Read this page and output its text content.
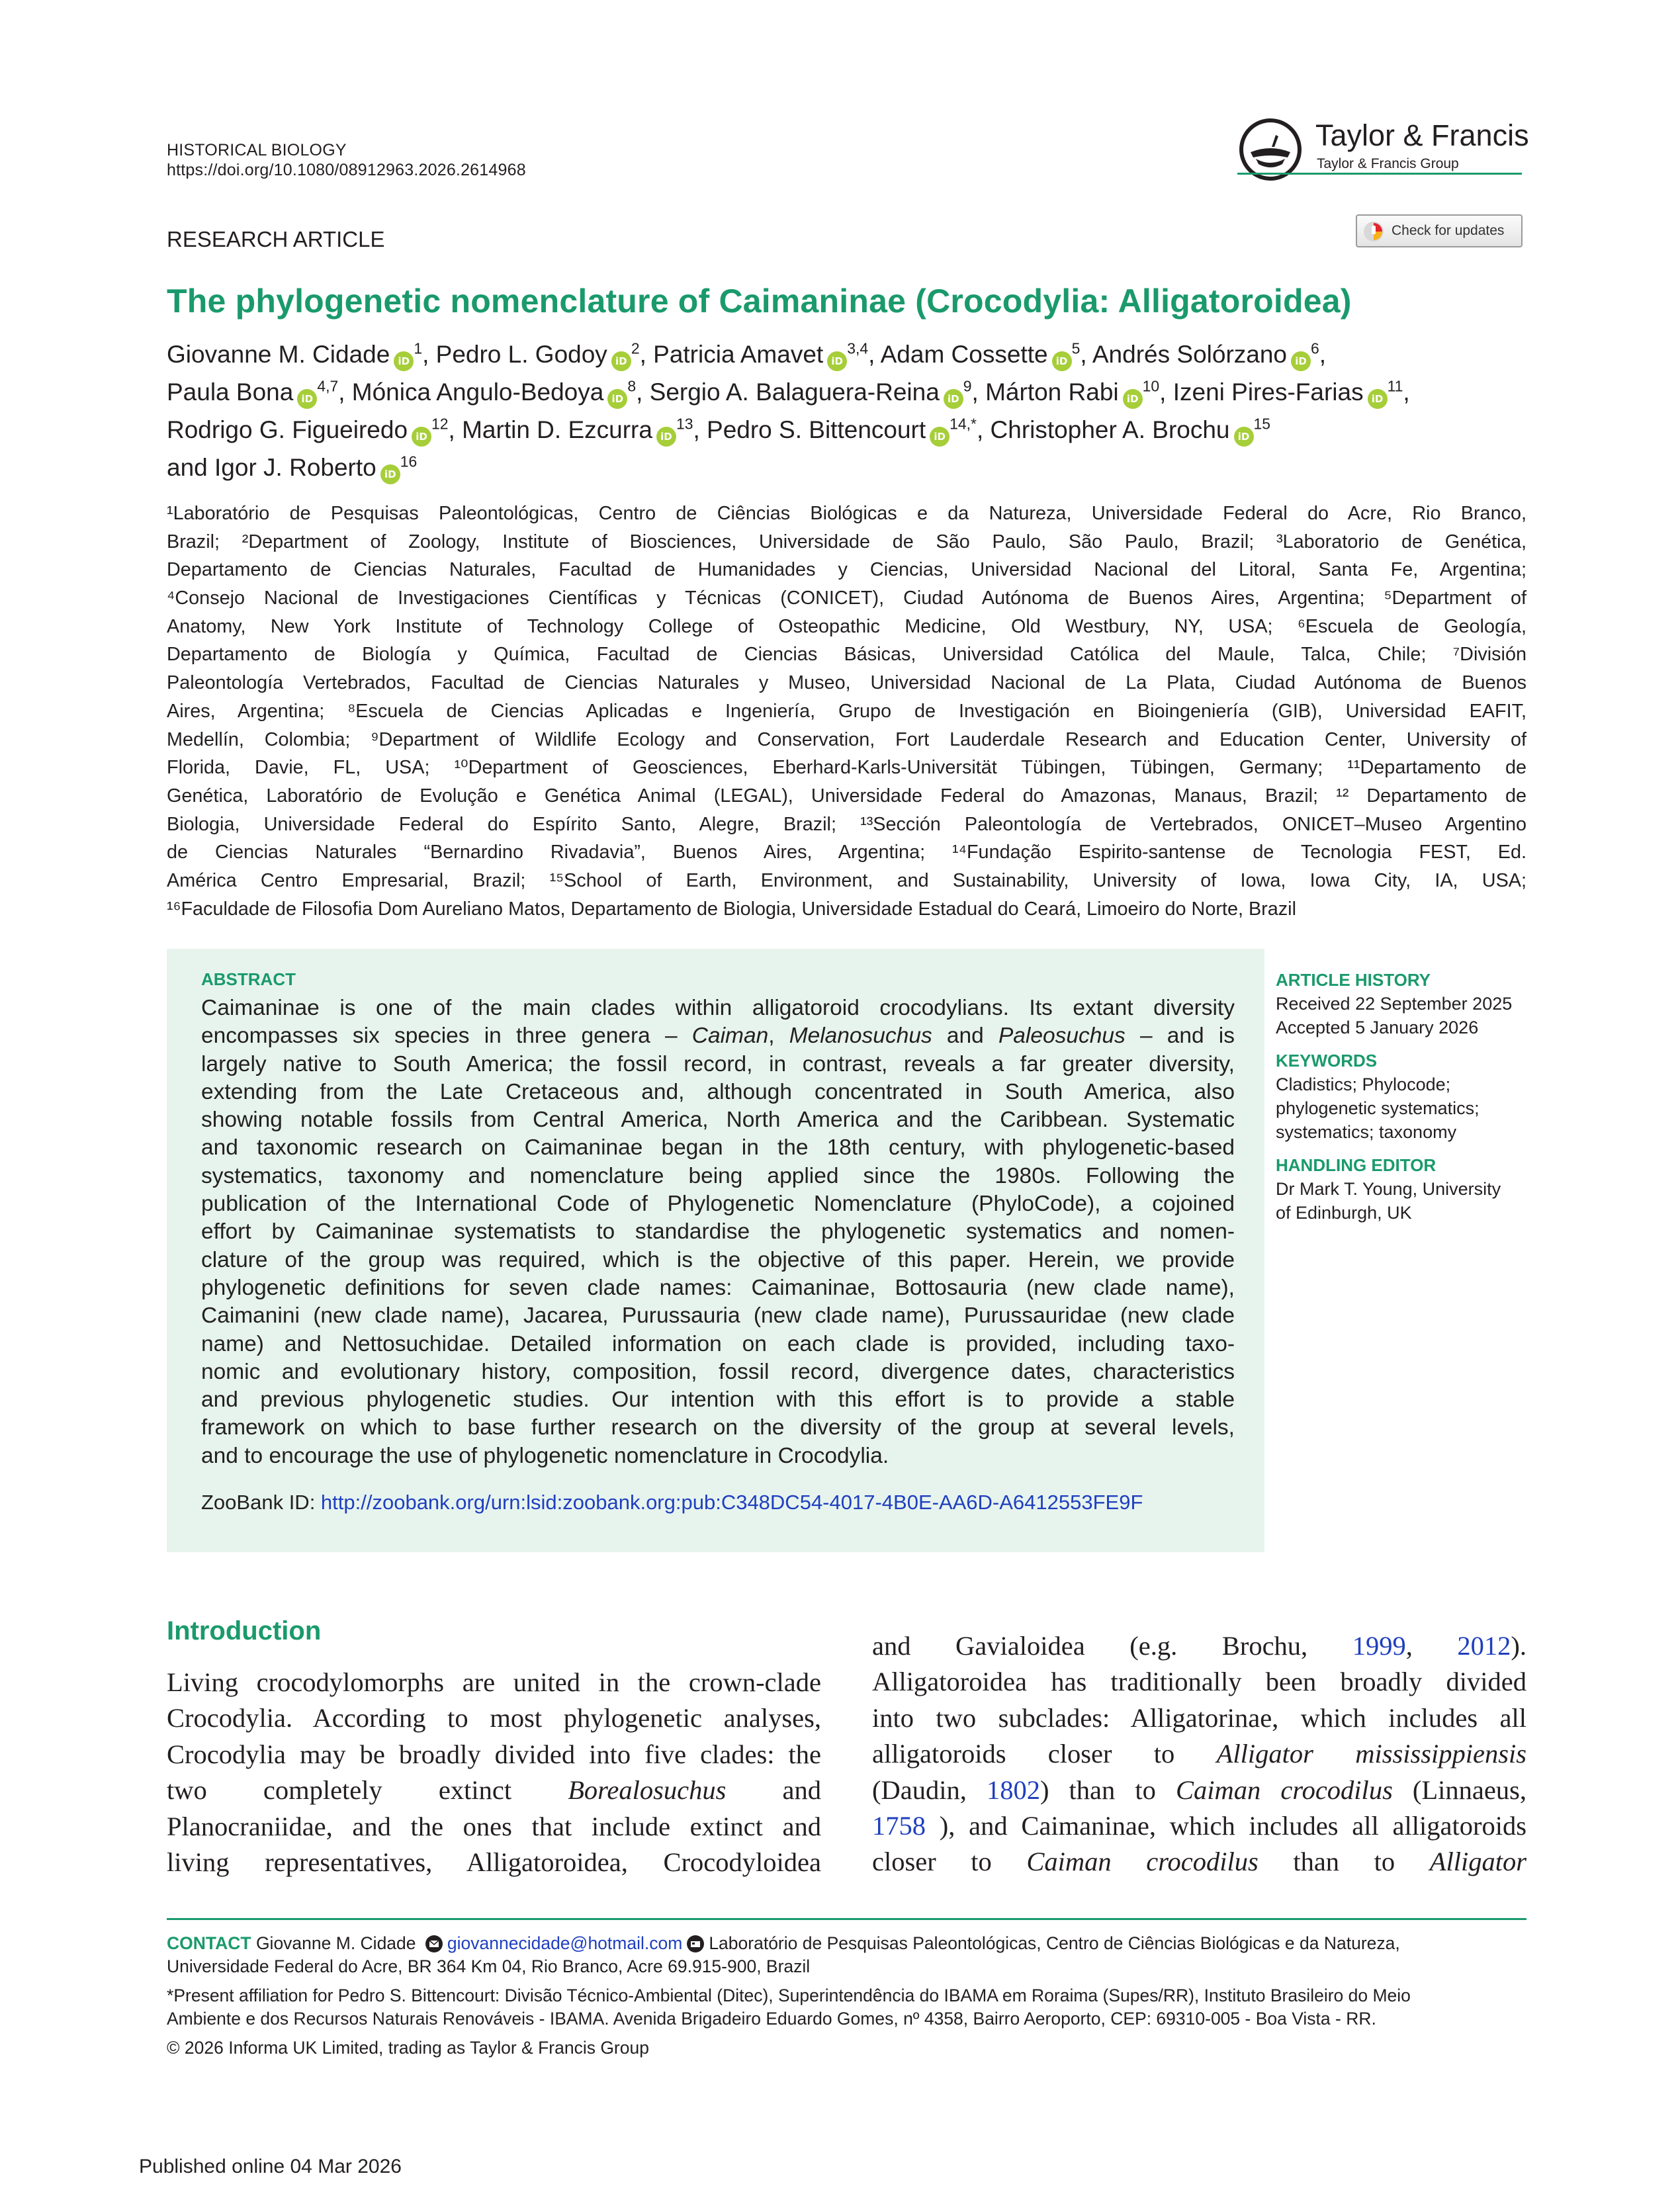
HISTORICAL BIOLOGY
https://doi.org/10.1080/08912963.2026.2614968
Taylor & Francis
Taylor & Francis Group
RESEARCH ARTICLE	Check for updates
The phylogenetic nomenclature of Caimaninae (Crocodylia: Alligatoroidea)
Giovanne M. Cidade $iD^1$, Pedro L. Godoy $iD^2$, Patricia Amavet iD$^{3,4}$, Adam Cossette $iD^5$, Andrés Solórzano $iD^6$,
Paula Bona iD$^{4,7}$, Mónica Angulo-Bedoya $iD^8$, Sergio A. Balaguera-Reina $iD^9$, Márton Rabi $iD^{10}$, Izeni Pires-Farias $iD^{11}$,
Rodrigo G. Figueiredo $iD^{12}$, Martin D. Ezcurra $iD^{13}$, Pedro S. Bittencourt $iD^{14,*}$, Christopher A. Brochu $iD^{15}$
and Igor J. Roberto $iD^{16}$
¹Laboratório de Pesquisas Paleontológicas, Centro de Ciências Biológicas e da Natureza, Universidade Federal do Acre, Rio Branco,
Brazil; ²Department of Zoology, Institute of Biosciences, Universidade de São Paulo, São Paulo, Brazil; ³Laboratorio de Genética,
Departamento de Ciencias Naturales, Facultad de Humanidades y Ciencias, Universidad Nacional del Litoral, Santa Fe, Argentina;
⁴Consejo Nacional de Investigaciones Científicas y Técnicas (CONICET), Ciudad Autónoma de Buenos Aires, Argentina; ⁵Department of
Anatomy, New York Institute of Technology College of Osteopathic Medicine, Old Westbury, NY, USA; ⁶Escuela de Geología,
Departamento de Biología y Química, Facultad de Ciencias Básicas, Universidad Católica del Maule, Talca, Chile; ⁷División
Paleontología Vertebrados, Facultad de Ciencias Naturales y Museo, Universidad Nacional de La Plata, Ciudad Autónoma de Buenos
Aires, Argentina; ⁸Escuela de Ciencias Aplicadas e Ingeniería, Grupo de Investigación en Bioingeniería (GIB), Universidad EAFIT,
Medellín, Colombia; ⁹Department of Wildlife Ecology and Conservation, Fort Lauderdale Research and Education Center, University of
Florida, Davie, FL, USA; ¹⁰Department of Geosciences, Eberhard-Karls-Universität Tübingen, Tübingen, Germany; ¹¹Departamento de
Genética, Laboratório de Evolução e Genética Animal (LEGAL), Universidade Federal do Amazonas, Manaus, Brazil; ¹² Departamento de
Biologia, Universidade Federal do Espírito Santo, Alegre, Brazil; ¹³Sección Paleontología de Vertebrados, ONICET–Museo Argentino
de Ciencias Naturales “Bernardino Rivadavia”, Buenos Aires, Argentina; ¹⁴Fundação Espirito-santense de Tecnologia FEST, Ed.
América Centro Empresarial, Brazil; ¹⁵School of Earth, Environment, and Sustainability, University of Iowa, Iowa City, IA, USA;
¹⁶Faculdade de Filosofia Dom Aureliano Matos, Departamento de Biologia, Universidade Estadual do Ceará, Limoeiro do Norte, Brazil
ABSTRACT
Caimaninae is one of the main clades within alligatoroid crocodylians. Its extant diversity
encompasses six species in three genera – Caiman, Melanosuchus and Paleosuchus – and is
largely native to South America; the fossil record, in contrast, reveals a far greater diversity,
extending from the Late Cretaceous and, although concentrated in South America, also
showing notable fossils from Central America, North America and the Caribbean. Systematic
and taxonomic research on Caimaninae began in the 18th century, with phylogenetic-based
systematics, taxonomy and nomenclature being applied since the 1980s. Following the
publication of the International Code of Phylogenetic Nomenclature (PhyloCode), a cojoined
effort by Caimaninae systematists to standardise the phylogenetic systematics and nomen-
clature of the group was required, which is the objective of this paper. Herein, we provide
phylogenetic definitions for seven clade names: Caimaninae, Bottosauria (new clade name),
Caimanini (new clade name), Jacarea, Purussauria (new clade name), Purussauridae (new clade
name) and Nettosuchidae. Detailed information on each clade is provided, including taxo-
nomic and evolutionary history, composition, fossil record, divergence dates, characteristics
and previous phylogenetic studies. Our intention with this effort is to provide a stable
framework on which to base further research on the diversity of the group at several levels,
and to encourage the use of phylogenetic nomenclature in Crocodylia.
ZooBank ID: http://zoobank.org/urn:lsid:zoobank.org:pub:C348DC54-4017-4B0E-AA6D-A6412553FE9F
ARTICLE HISTORY
Received 22 September 2025
Accepted 5 January 2026
KEYWORDS
Cladistics; Phylocode;
phylogenetic systematics;
systematics; taxonomy
HANDLING EDITOR
Dr Mark T. Young, University
of Edinburgh, UK
Introduction
Living crocodylomorphs are united in the crown-clade
Crocodylia. According to most phylogenetic analyses,
Crocodylia may be broadly divided into five clades: the
two completely extinct Borealosuchus and
Planocraniidae, and the ones that include extinct and
living representatives, Alligatoroidea, Crocodyloidea
and Gavialoidea (e.g. Brochu, 1999, 2012).
Alligatoroidea has traditionally been broadly divided
into two subclades: Alligatorinae, which includes all
alligatoroids closer to Alligator mississippiensis
(Daudin, 1802) than to Caiman crocodilus (Linnaeus,
1758 ), and Caimaninae, which includes all alligatoroids
closer to Caiman crocodilus than to Alligator
CONTACT Giovanne M. Cidade giovannecidade@hotmail.com Laboratório de Pesquisas Paleontológicas, Centro de Ciências Biológicas e da Natureza,
Universidade Federal do Acre, BR 364 Km 04, Rio Branco, Acre 69.915-900, Brazil
*Present affiliation for Pedro S. Bittencourt: Divisão Técnico-Ambiental (Ditec), Superintendência do IBAMA em Roraima (Supes/RR), Instituto Brasileiro do Meio
Ambiente e dos Recursos Naturais Renováveis - IBAMA. Avenida Brigadeiro Eduardo Gomes, nº 4358, Bairro Aeroporto, CEP: 69310-005 - Boa Vista - RR.
© 2026 Informa UK Limited, trading as Taylor & Francis Group
Published online 04 Mar 2026
